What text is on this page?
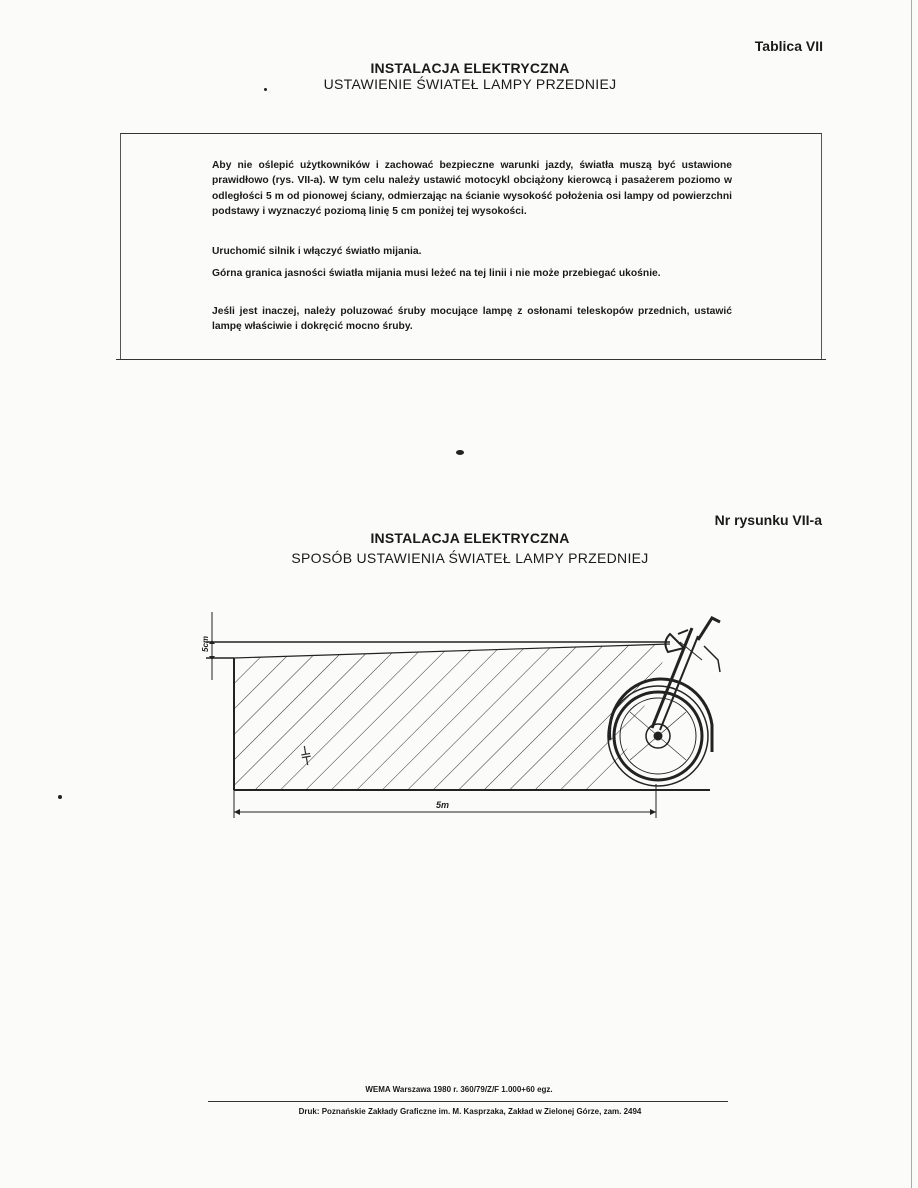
Tablica VII
INSTALACJA ELEKTRYCZNA
USTAWIENIE ŚWIATEŁ LAMPY PRZEDNIEJ

Aby nie oślepić użytkowników i zachować bezpieczne warunki jazdy, światła muszą być ustawione prawidłowo (rys. VII-a). W tym celu należy ustawić motocykl obciążony kierowcą i pasażerem poziomo w odległości 5 m od pionowej ściany, odmierzając na ścianie wysokość położenia osi lampy od powierzchni podstawy i wyznaczyć poziomą linię 5 cm poniżej tej wysokości.

Uruchomić silnik i włączyć światło mijania.

Górna granica jasności światła mijania musi leżeć na tej linii i nie może przebiegać ukośnie.

Jeśli jest inaczej, należy poluzować śruby mocujące lampę z osłonami teleskopów przednich, ustawić lampę właściwie i dokręcić mocno śruby.

Nr rysunku VII-a
INSTALACJA ELEKTRYCZNA
SPOSÓB USTAWIENIA ŚWIATEŁ LAMPY PRZEDNIEJ
5cm
5m
⊣⊢
WEMA Warszawa 1980 r. 360/79/Z/F 1.000+60 egz.
Druk: Poznańskie Zakłady Graficzne im. M. Kasprzaka, Zakład w Zielonej Górze, zam. 2494
